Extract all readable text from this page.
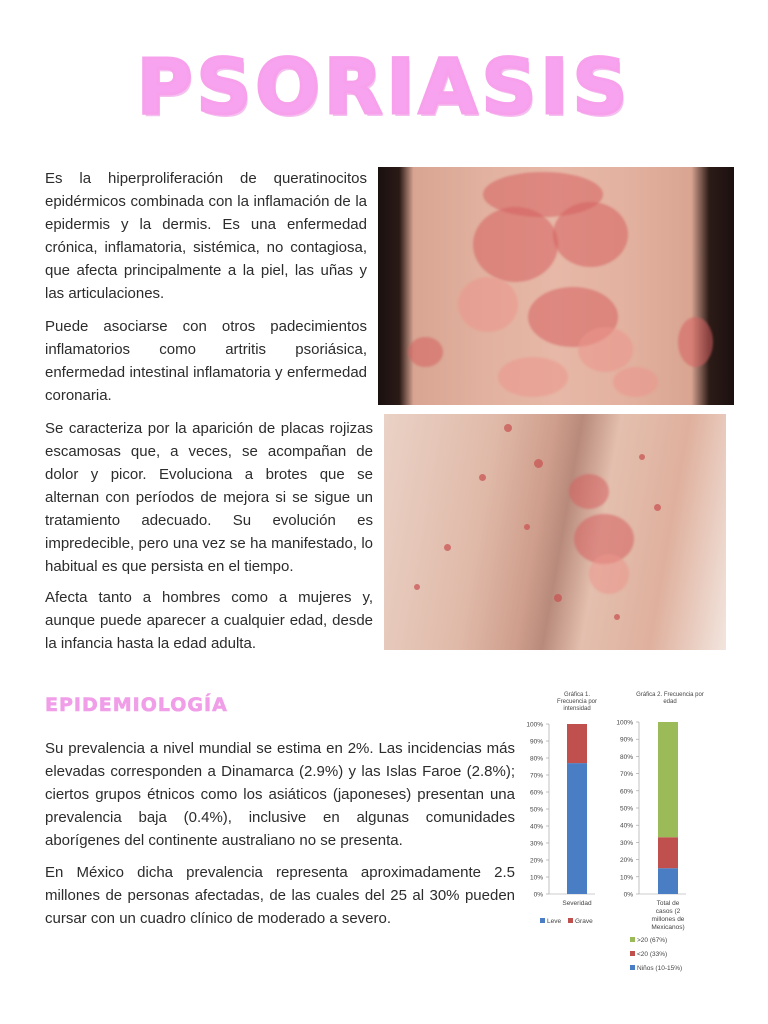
PSORIASIS

Es la hiperproliferación de queratinocitos epidérmicos combinada con la inflamación de la epidermis y la dermis. Es una enfermedad crónica, inflamatoria, sistémica, no contagiosa, que afecta principalmente a la piel, las uñas y las articulaciones.

Puede asociarse con otros padecimientos inflamatorios como artritis psoriásica, enfermedad intestinal inflamatoria y enfermedad coronaria.

Se caracteriza por la aparición de placas rojizas escamosas que, a veces, se acompañan de dolor y picor. Evoluciona a brotes que se alternan con períodos de mejora si se sigue un tratamiento adecuado. Su evolución es impredecible, pero una vez se ha manifestado, lo habitual es que persista en el tiempo.

Afecta tanto a hombres como a mujeres y, aunque puede aparecer a cualquier edad, desde la infancia hasta la edad adulta.

EPIDEMIOLOGÍA

Su prevalencia a nivel mundial se estima en 2%. Las incidencias más elevadas corresponden a Dinamarca (2.9%) y las Islas Faroe (2.8%); ciertos grupos étnicos como los asiáticos (japoneses) presentan una prevalencia baja (0.4%), inclusive en algunas comunidades aborígenes del continente australiano no se presenta.

En México dicha prevalencia representa aproximadamente 2.5 millones de personas afectadas, de las cuales del 25 al 30% pueden cursar con un cuadro clínico de moderado a severo.

Gráfica 1. Frecuencia por intensidad
0%
10%
20%
30%
40%
50%
60%
70%
80%
90%
100%
Severidad
Leve Grave
Gráfica 2. Frecuencia por edad
0%
10%
20%
30%
40%
50%
60%
70%
80%
90%
100%
Total de casos (2 millones de Mexicanos)
>20 (67%)
<20 (33%)
Niños (10-15%)
